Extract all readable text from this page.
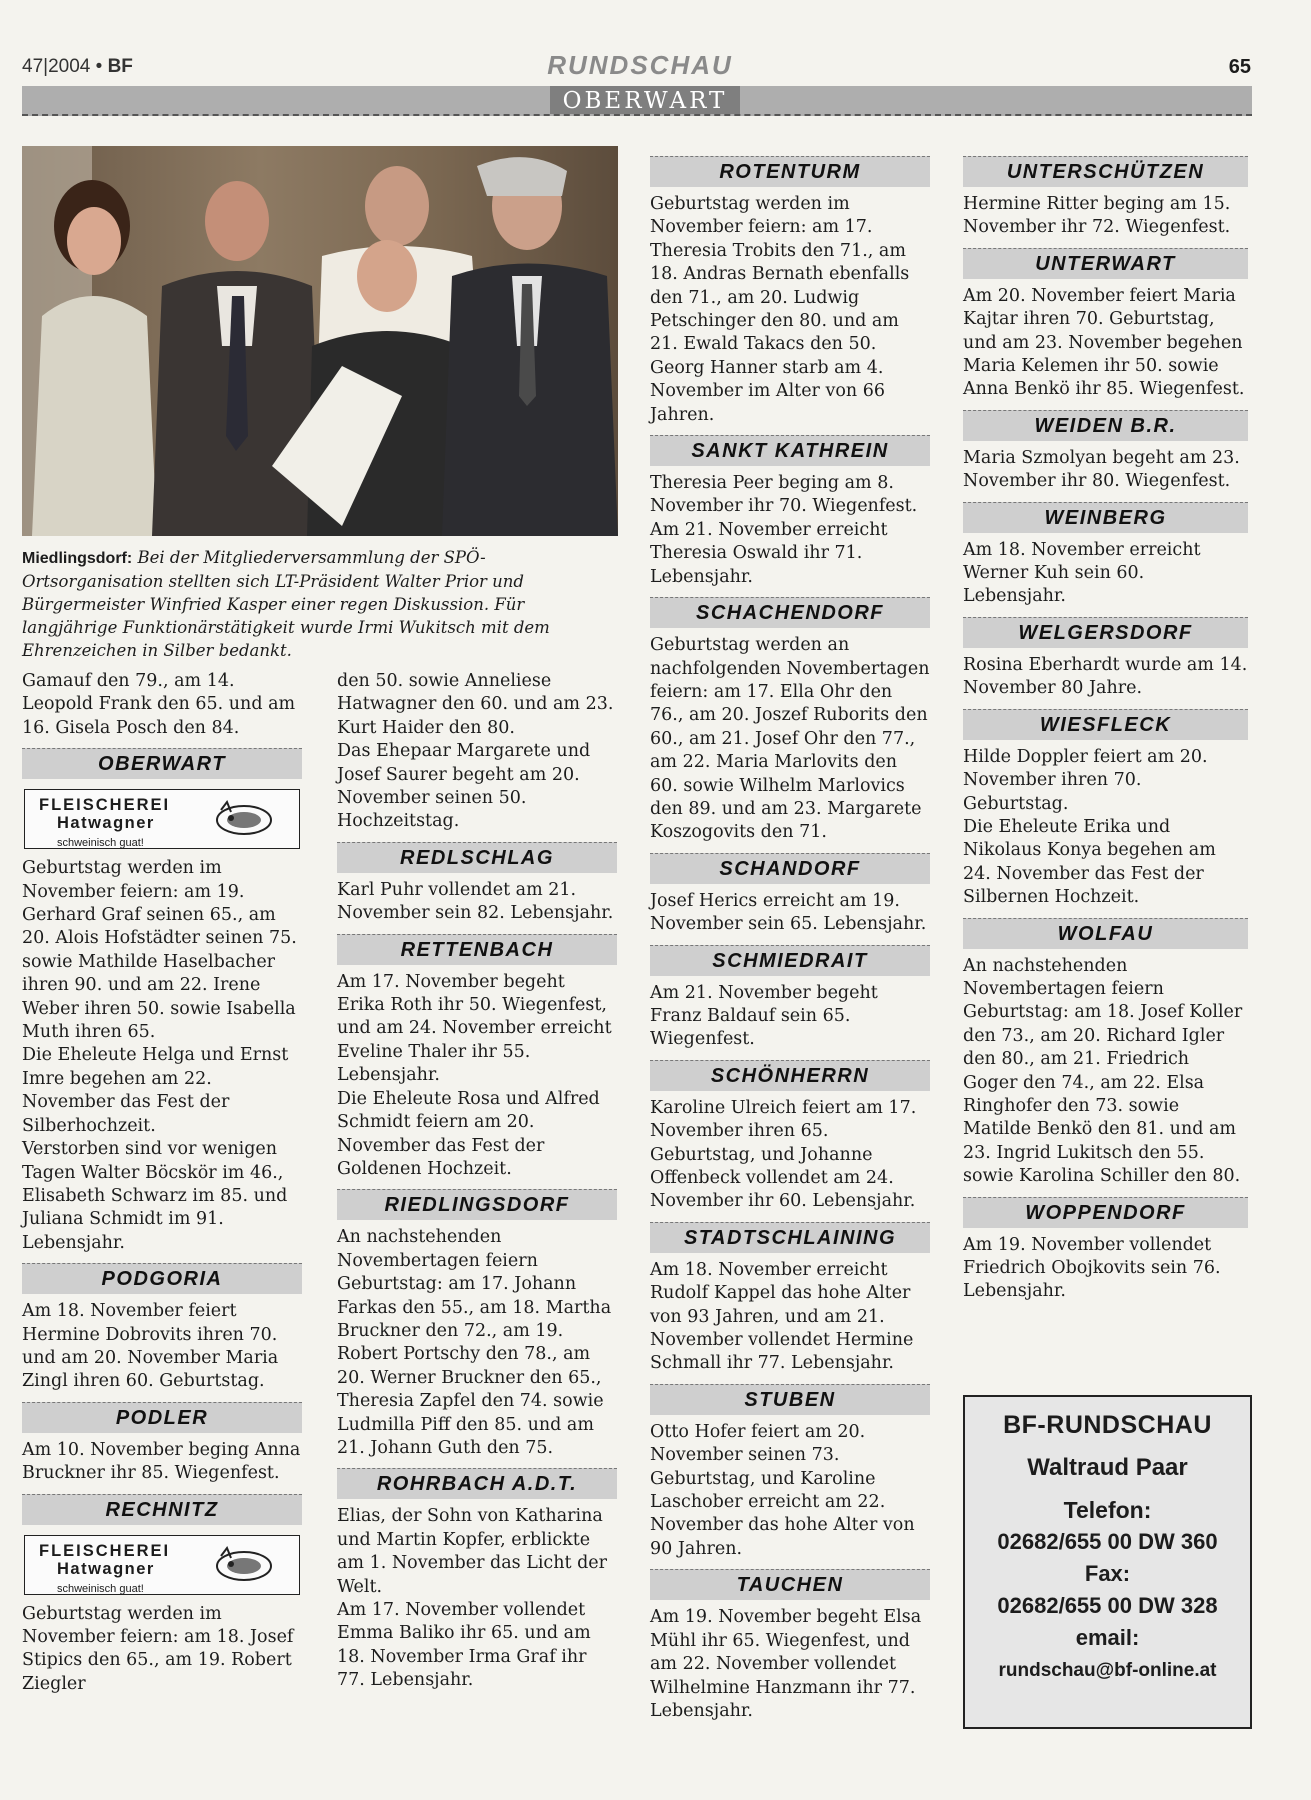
47|2004 • BF	RUNDSCHAU	65
OBERWART
Miedlingsdorf: Bei der Mitgliederversammlung der SPÖ-Ortsorganisation stellten sich LT-Präsident Walter Prior und Bürgermeister Winfried Kasper einer regen Diskussion. Für langjährige Funktionärstätigkeit wurde Irmi Wukitsch mit dem Ehrenzeichen in Silber bedankt.

Gamauf den 79., am 14. Leopold Frank den 65. und am 16. Gisela Posch den 84.

OBERWART
FLEISCHEREI
Hatwagner
schweinisch guat!

Geburtstag werden im November feiern: am 19. Gerhard Graf seinen 65., am 20. Alois Hofstädter seinen 75. sowie Mathilde Haselbacher ihren 90. und am 22. Irene Weber ihren 50. sowie Isabella Muth ihren 65.

Die Eheleute Helga und Ernst Imre begehen am 22. November das Fest der Silberhochzeit.

Verstorben sind vor wenigen Tagen Walter Böcskör im 46., Elisabeth Schwarz im 85. und Juliana Schmidt im 91. Lebensjahr.

PODGORIA

Am 18. November feiert Hermine Dobrovits ihren 70. und am 20. November Maria Zingl ihren 60. Geburtstag.

PODLER

Am 10. November beging Anna Bruckner ihr 85. Wiegenfest.

RECHNITZ
FLEISCHEREI
Hatwagner
schweinisch guat!

Geburtstag werden im November feiern: am 18. Josef Stipics den 65., am 19. Robert Ziegler

den 50. sowie Anneliese Hatwagner den 60. und am 23. Kurt Haider den 80.

Das Ehepaar Margarete und Josef Saurer begeht am 20. November seinen 50. Hochzeitstag.

REDLSCHLAG

Karl Puhr vollendet am 21. November sein 82. Lebensjahr.

RETTENBACH

Am 17. November begeht Erika Roth ihr 50. Wiegenfest, und am 24. November erreicht Eveline Thaler ihr 55. Lebensjahr.

Die Eheleute Rosa und Alfred Schmidt feiern am 20. November das Fest der Goldenen Hochzeit.

RIEDLINGSDORF

An nachstehenden Novembertagen feiern Geburtstag: am 17. Johann Farkas den 55., am 18. Martha Bruckner den 72., am 19. Robert Portschy den 78., am 20. Werner Bruckner den 65., Theresia Zapfel den 74. sowie Ludmilla Piff den 85. und am 21. Johann Guth den 75.

ROHRBACH A.D.T.

Elias, der Sohn von Katharina und Martin Kopfer, erblickte am 1. November das Licht der Welt.

Am 17. November vollendet Emma Baliko ihr 65. und am 18. November Irma Graf ihr 77. Lebensjahr.

ROTENTURM

Geburtstag werden im November feiern: am 17. Theresia Trobits den 71., am 18. Andras Bernath ebenfalls den 71., am 20. Ludwig Petschinger den 80. und am 21. Ewald Takacs den 50.

Georg Hanner starb am 4. November im Alter von 66 Jahren.

SANKT KATHREIN

Theresia Peer beging am 8. November ihr 70. Wiegenfest. Am 21. November erreicht Theresia Oswald ihr 71. Lebensjahr.

SCHACHENDORF

Geburtstag werden an nachfolgenden Novembertagen feiern: am 17. Ella Ohr den 76., am 20. Joszef Ruborits den 60., am 21. Josef Ohr den 77., am 22. Maria Marlovits den 60. sowie Wilhelm Marlovics den 89. und am 23. Margarete Koszogovits den 71.

SCHANDORF

Josef Herics erreicht am 19. November sein 65. Lebensjahr.

SCHMIEDRAIT

Am 21. November begeht Franz Baldauf sein 65. Wiegenfest.

SCHÖNHERRN

Karoline Ulreich feiert am 17. November ihren 65. Geburtstag, und Johanne Offenbeck vollendet am 24. November ihr 60. Lebensjahr.

STADTSCHLAINING

Am 18. November erreicht Rudolf Kappel das hohe Alter von 93 Jahren, und am 21. November vollendet Hermine Schmall ihr 77. Lebensjahr.

STUBEN

Otto Hofer feiert am 20. November seinen 73. Geburtstag, und Karoline Laschober erreicht am 22. November das hohe Alter von 90 Jahren.

TAUCHEN

Am 19. November begeht Elsa Mühl ihr 65. Wiegenfest, und am 22. November vollendet Wilhelmine Hanzmann ihr 77. Lebensjahr.

UNTERSCHÜTZEN

Hermine Ritter beging am 15. November ihr 72. Wiegenfest.

UNTERWART

Am 20. November feiert Maria Kajtar ihren 70. Geburtstag, und am 23. November begehen Maria Kelemen ihr 50. sowie Anna Benkö ihr 85. Wiegenfest.

WEIDEN B.R.

Maria Szmolyan begeht am 23. November ihr 80. Wiegenfest.

WEINBERG

Am 18. November erreicht Werner Kuh sein 60. Lebensjahr.

WELGERSDORF

Rosina Eberhardt wurde am 14. November 80 Jahre.

WIESFLECK

Hilde Doppler feiert am 20. November ihren 70. Geburtstag.

Die Eheleute Erika und Nikolaus Konya begehen am 24. November das Fest der Silbernen Hochzeit.

WOLFAU

An nachstehenden Novembertagen feiern Geburtstag: am 18. Josef Koller den 73., am 20. Richard Igler den 80., am 21. Friedrich Goger den 74., am 22. Elsa Ringhofer den 73. sowie Matilde Benkö den 81. und am 23. Ingrid Lukitsch den 55. sowie Karolina Schiller den 80.

WOPPENDORF

Am 19. November vollendet Friedrich Obojkovits sein 76. Lebensjahr.

BF-RUNDSCHAU
Waltraud Paar
Telefon:
02682/655 00 DW 360
Fax:
02682/655 00 DW 328
email:
rundschau@bf-online.at
